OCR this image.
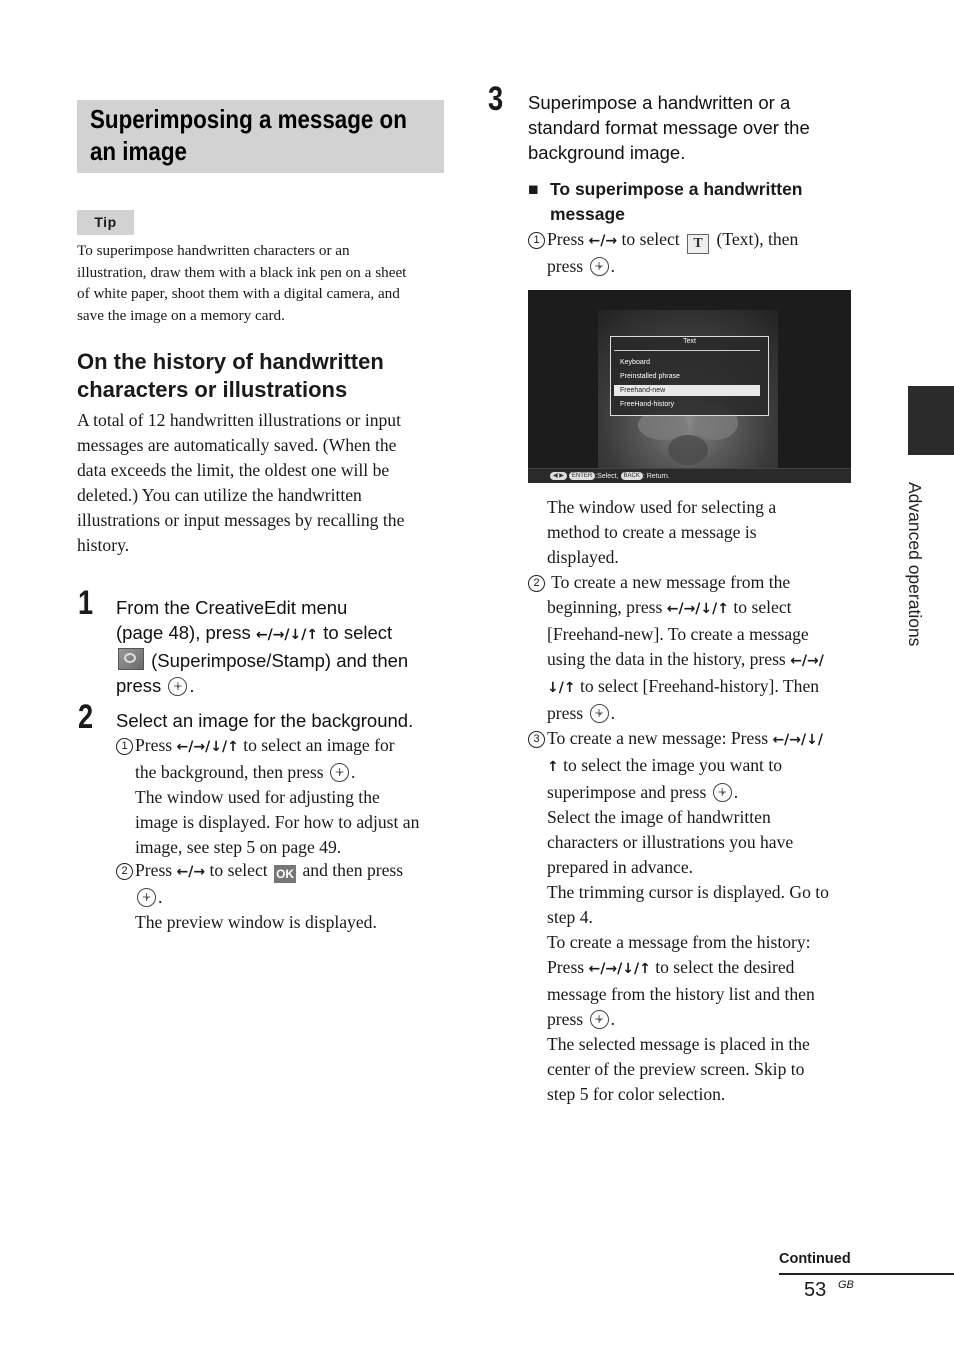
Superimposing a message on
an image
Tip
To superimpose handwritten characters or an
illustration, draw them with a black ink pen on a sheet
of white paper, shoot them with a digital camera, and
save the image on a memory card.
On the history of handwritten
characters or illustrations
A total of 12 handwritten illustrations or input
messages are automatically saved. (When the
data exceeds the limit, the oldest one will be
deleted.) You can utilize the handwritten
illustrations or input messages by recalling the
history.
1 From the CreativeEdit menu
(page 48), press ←/→/↓/↑ to select
(Superimpose/Stamp) and then
press +.
2 Select an image for the background.
1 Press ←/→/↓/↑ to select an image for
the background, then press +.
The window used for adjusting the
image is displayed. For how to adjust an
image, see step 5 on page 49.
2 Press ←/→ to select OK and then press
+.
The preview window is displayed.
3 Superimpose a handwritten or a
standard format message over the
background image.
■ To superimpose a handwritten
message
1 Press ←/→ to select T (Text), then
press +.
Text
Keyboard
Preinstalled phrase
Freehand-new
FreeHand-history
◀ ▶ ENTER :Select, BACK : Return.
The window used for selecting a
method to create a message is
displayed.
2 To create a new message from the
beginning, press ←/→/↓/↑ to select
[Freehand-new]. To create a message
using the data in the history, press ←/→/
↓/↑ to select [Freehand-history]. Then
press +.
3 To create a new message: Press ←/→/↓/
↑ to select the image you want to
superimpose and press +.
Select the image of handwritten
characters or illustrations you have
prepared in advance.
The trimming cursor is displayed. Go to
step 4.
To create a message from the history:
Press ←/→/↓/↑ to select the desired
message from the history list and then
press +.
The selected message is placed in the
center of the preview screen. Skip to
step 5 for color selection.
Advanced operations
Continued
53 GB
